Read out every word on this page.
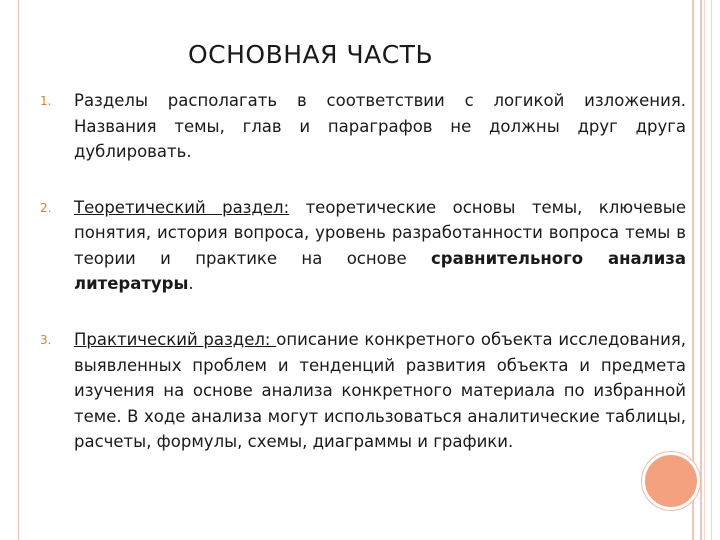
ОСНОВНАЯ ЧАСТЬ
1.	Разделы располагать в соответствии с логикой изложения. Названия темы, глав и параграфов не должны друг друга дублировать.
2.	Теоретический раздел: теоретические основы темы, ключевые понятия, история вопроса, уровень разработанности вопроса темы в теории и практике на основе сравнительного анализа литературы.
3.	Практический раздел: описание конкретного объекта исследования, выявленных проблем и тенденций развития объекта и предмета изучения на основе анализа конкретного материала по избранной теме. В ходе анализа могут использоваться аналитические таблицы, расчеты, формулы, схемы, диаграммы и графики.
